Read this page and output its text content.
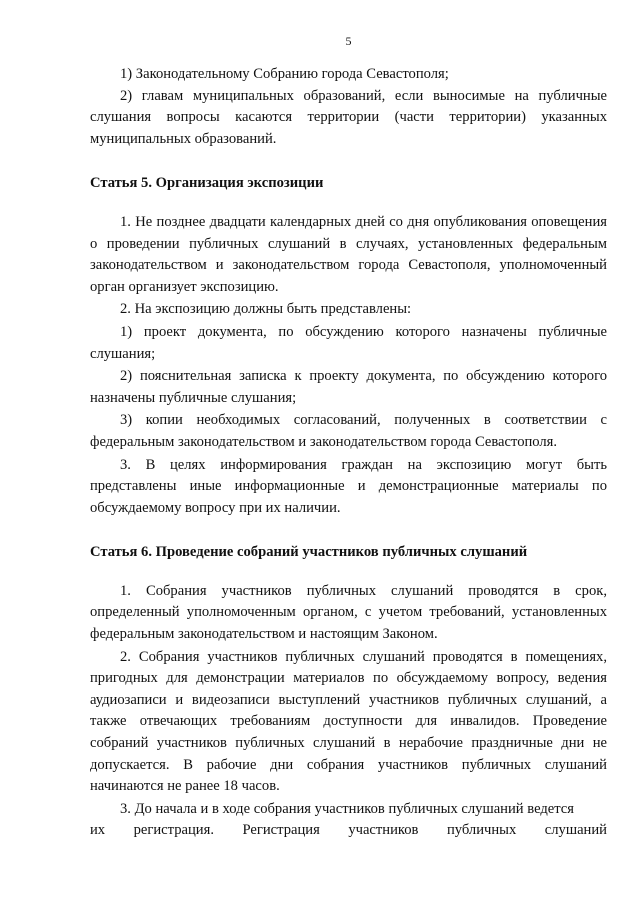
5

1) Законодательному Собранию города Севастополя;

2) главам муниципальных образований, если выносимые на публичные слушания вопросы касаются территории (части территории) указанных муниципальных образований.

Статья 5. Организация экспозиции

1. Не позднее двадцати календарных дней со дня опубликования оповещения о проведении публичных слушаний в случаях, установленных федеральным законодательством и законодательством города Севастополя, уполномоченный орган организует экспозицию.

2. На экспозицию должны быть представлены:

1) проект документа, по обсуждению которого назначены публичные слушания;

2) пояснительная записка к проекту документа, по обсуждению которого назначены публичные слушания;

3) копии необходимых согласований, полученных в соответствии с федеральным законодательством и законодательством города Севастополя.

3. В целях информирования граждан на экспозицию могут быть представлены иные информационные и демонстрационные материалы по обсуждаемому вопросу при их наличии.

Статья 6. Проведение собраний участников публичных слушаний

1. Собрания участников публичных слушаний проводятся в срок, определенный уполномоченным органом, с учетом требований, установленных федеральным законодательством и настоящим Законом.

2. Собрания участников публичных слушаний проводятся в помещениях, пригодных для демонстрации материалов по обсуждаемому вопросу, ведения аудиозаписи и видеозаписи выступлений участников публичных слушаний, а также отвечающих требованиям доступности для инвалидов. Проведение собраний участников публичных слушаний в нерабочие праздничные дни не допускается. В рабочие дни собрания участников публичных слушаний начинаются не ранее 18 часов.

3. До начала и в ходе собрания участников публичных слушаний ведется

их регистрация. Регистрация участников публичных слушаний
